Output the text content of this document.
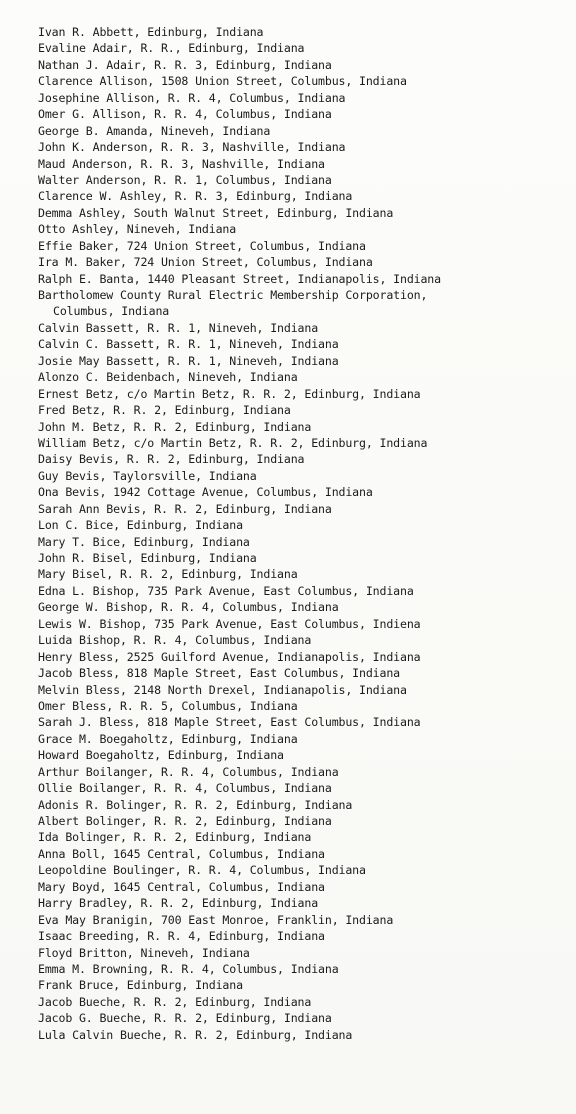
Ivan R. Abbett, Edinburg, Indiana
Evaline Adair, R. R., Edinburg, Indiana
Nathan J. Adair, R. R. 3, Edinburg, Indiana
Clarence Allison, 1508 Union Street, Columbus, Indiana
Josephine Allison, R. R. 4, Columbus, Indiana
Omer G. Allison, R. R. 4, Columbus, Indiana
George B. Amanda, Nineveh, Indiana
John K. Anderson, R. R. 3, Nashville, Indiana
Maud Anderson, R. R. 3, Nashville, Indiana
Walter Anderson, R. R. 1, Columbus, Indiana
Clarence W. Ashley, R. R. 3, Edinburg, Indiana
Demma Ashley, South Walnut Street, Edinburg, Indiana
Otto Ashley, Nineveh, Indiana
Effie Baker, 724 Union Street, Columbus, Indiana
Ira M. Baker, 724 Union Street, Columbus, Indiana
Ralph E. Banta, 1440 Pleasant Street, Indianapolis, Indiana
Bartholomew County Rural Electric Membership Corporation,
Columbus, Indiana
Calvin Bassett, R. R. 1, Nineveh, Indiana
Calvin C. Bassett, R. R. 1, Nineveh, Indiana
Josie May Bassett, R. R. 1, Nineveh, Indiana
Alonzo C. Beidenbach, Nineveh, Indiana
Ernest Betz, c/o Martin Betz, R. R. 2, Edinburg, Indiana
Fred Betz, R. R. 2, Edinburg, Indiana
John M. Betz, R. R. 2, Edinburg, Indiana
William Betz, c/o Martin Betz, R. R. 2, Edinburg, Indiana
Daisy Bevis, R. R. 2, Edinburg, Indiana
Guy Bevis, Taylorsville, Indiana
Ona Bevis, 1942 Cottage Avenue, Columbus, Indiana
Sarah Ann Bevis, R. R. 2, Edinburg, Indiana
Lon C. Bice, Edinburg, Indiana
Mary T. Bice, Edinburg, Indiana
John R. Bisel, Edinburg, Indiana
Mary Bisel, R. R. 2, Edinburg, Indiana
Edna L. Bishop, 735 Park Avenue, East Columbus, Indiana
George W. Bishop, R. R. 4, Columbus, Indiana
Lewis W. Bishop, 735 Park Avenue, East Columbus, Indiena
Luida Bishop, R. R. 4, Columbus, Indiana
Henry Bless, 2525 Guilford Avenue, Indianapolis, Indiana
Jacob Bless, 818 Maple Street, East Columbus, Indiana
Melvin Bless, 2148 North Drexel, Indianapolis, Indiana
Omer Bless, R. R. 5, Columbus, Indiana
Sarah J. Bless, 818 Maple Street, East Columbus, Indiana
Grace M. Boegaholtz, Edinburg, Indiana
Howard Boegaholtz, Edinburg, Indiana
Arthur Boilanger, R. R. 4, Columbus, Indiana
Ollie Boilanger, R. R. 4, Columbus, Indiana
Adonis R. Bolinger, R. R. 2, Edinburg, Indiana
Albert Bolinger, R. R. 2, Edinburg, Indiana
Ida Bolinger, R. R. 2, Edinburg, Indiana
Anna Boll, 1645 Central, Columbus, Indiana
Leopoldine Boulinger, R. R. 4, Columbus, Indiana
Mary Boyd, 1645 Central, Columbus, Indiana
Harry Bradley, R. R. 2, Edinburg, Indiana
Eva May Branigin, 700 East Monroe, Franklin, Indiana
Isaac Breeding, R. R. 4, Edinburg, Indiana
Floyd Britton, Nineveh, Indiana
Emma M. Browning, R. R. 4, Columbus, Indiana
Frank Bruce, Edinburg, Indiana
Jacob Bueche, R. R. 2, Edinburg, Indiana
Jacob G. Bueche, R. R. 2, Edinburg, Indiana
Lula Calvin Bueche, R. R. 2, Edinburg, Indiana
